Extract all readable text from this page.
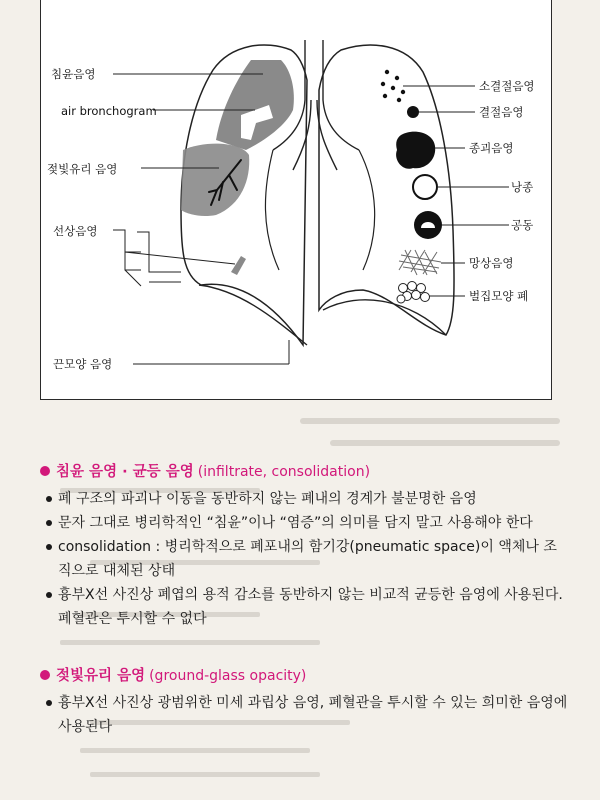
침윤음영
air bronchogram
젖빛유리 음영
선상음영
끈모양 음영
소결절음영
결절음영
종괴음영
낭종
공동
망상음영
벌집모양 폐
침윤 음영 · 균등 음영 (infiltrate, consolidation)
폐 구조의 파괴나 이동을 동반하지 않는 폐내의 경계가 불분명한 음영
문자 그대로 병리학적인 “침윤”이나 “염증”의 의미를 담지 말고 사용해야 한다
consolidation : 병리학적으로 폐포내의 함기강(pneumatic space)이 액체나 조직으로 대체된 상태
흉부X선 사진상 폐엽의 용적 감소를 동반하지 않는 비교적 균등한 음영에 사용된다. 폐혈관은 투시할 수 없다
젖빛유리 음영 (ground-glass opacity)
흉부X선 사진상 광범위한 미세 과립상 음영, 폐혈관을 투시할 수 있는 희미한 음영에 사용된다
